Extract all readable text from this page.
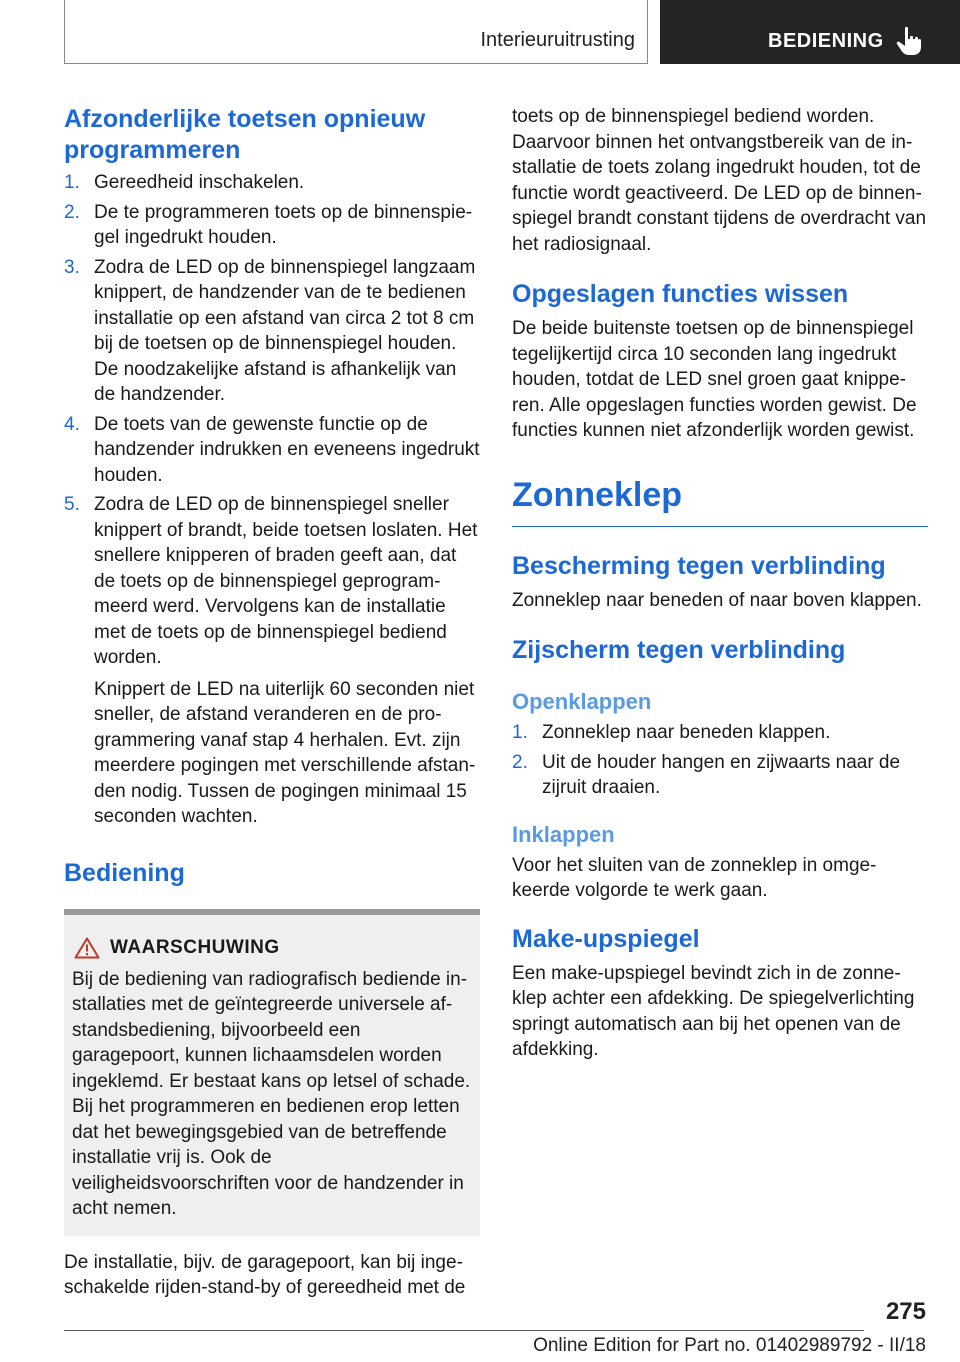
Interieuruitrusting	BEDIENING
Afzonderlijke toetsen opnieuw programmeren
1. Gereedheid inschakelen.

2. De te programmeren toets op de binnenspiegel ingedrukt houden.

3. Zodra de LED op de binnenspiegel langzaam knippert, de handzender van de te bedienen installatie op een afstand van circa 2 tot 8 cm bij de toetsen op de binnenspiegel houden. De noodzakelijke afstand is afhankelijk van de handzender.

4. De toets van de gewenste functie op de handzender indrukken en eveneens ingedrukt houden.

5. Zodra de LED op de binnenspiegel sneller knippert of brandt, beide toetsen loslaten. Het snellere knipperen of braden geeft aan, dat de toets op de binnenspiegel geprogrammeerd werd. Vervolgens kan de installatie met de toets op de binnenspiegel bediend worden.

Knippert de LED na uiterlijk 60 seconden niet sneller, de afstand veranderen en de programmering vanaf stap 4 herhalen. Evt. zijn meerdere pogingen met verschillende afstanden nodig. Tussen de pogingen minimaal 15 seconden wachten.

Bediening
WAARSCHUWING

Bij de bediening van radiografisch bediende installaties met de geïntegreerde universele afstandsbediening, bijvoorbeeld een garagepoort, kunnen lichaamsdelen worden ingeklemd. Er bestaat kans op letsel of schade. Bij het programmeren en bedienen erop letten dat het bewegingsgebied van de betreffende installatie vrij is. Ook de veiligheidsvoorschriften voor de handzender in acht nemen.

De installatie, bijv. de garagepoort, kan bij ingeschakelde rijden-stand-by of gereedheid met de

toets op de binnenspiegel bediend worden. Daarvoor binnen het ontvangstbereik van de installatie de toets zolang ingedrukt houden, tot de functie wordt geactiveerd. De LED op de binnenspiegel brandt constant tijdens de overdracht van het radiosignaal.

Opgeslagen functies wissen

De beide buitenste toetsen op de binnenspiegel tegelijkertijd circa 10 seconden lang ingedrukt houden, totdat de LED snel groen gaat knipperen. Alle opgeslagen functies worden gewist. De functies kunnen niet afzonderlijk worden gewist.

Zonneklep
Bescherming tegen verblinding

Zonneklep naar beneden of naar boven klappen.

Zijscherm tegen verblinding
Openklappen
1. Zonneklep naar beneden klappen.

2. Uit de houder hangen en zijwaarts naar de zijruit draaien.

Inklappen

Voor het sluiten van de zonneklep in omgekeerde volgorde te werk gaan.

Make-upspiegel

Een make-upspiegel bevindt zich in de zonneklep achter een afdekking. De spiegelverlichting springt automatisch aan bij het openen van de afdekking.

275
Online Edition for Part no. 01402989792 - II/18
